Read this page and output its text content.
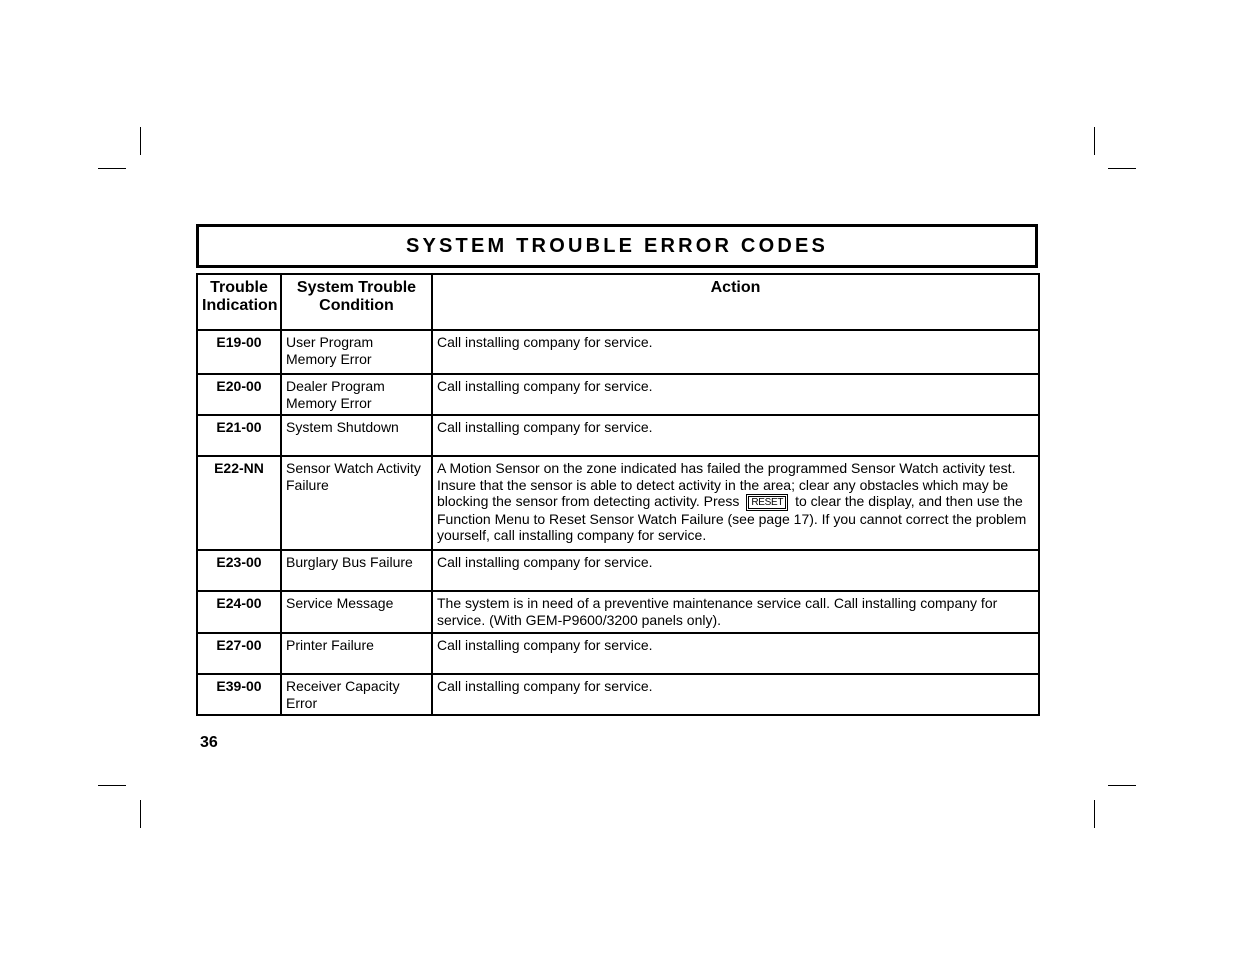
SYSTEM TROUBLE ERROR CODES
Trouble Indication	System Trouble Condition	Action
E19-00	User Program Memory Error	Call installing company for service.
E20-00	Dealer Program Memory Error	Call installing company for service.
E21-00	System Shutdown	Call installing company for service.
E22-NN	Sensor Watch Activity Failure	A Motion Sensor on the zone indicated has failed the programmed Sensor Watch activity test. Insure that the sensor is able to detect activity in the area; clear any obstacles which may be blocking the sensor from detecting activity. Press RESET to clear the display, and then use the Function Menu to Reset Sensor Watch Failure (see page 17). If you cannot correct the problem yourself, call installing company for service.
E23-00	Burglary Bus Failure	Call installing company for service.
E24-00	Service Message	The system is in need of a preventive maintenance service call. Call installing company for service. (With GEM-P9600/3200 panels only).
E27-00	Printer Failure	Call installing company for service.
E39-00	Receiver Capacity Error	Call installing company for service.
36
